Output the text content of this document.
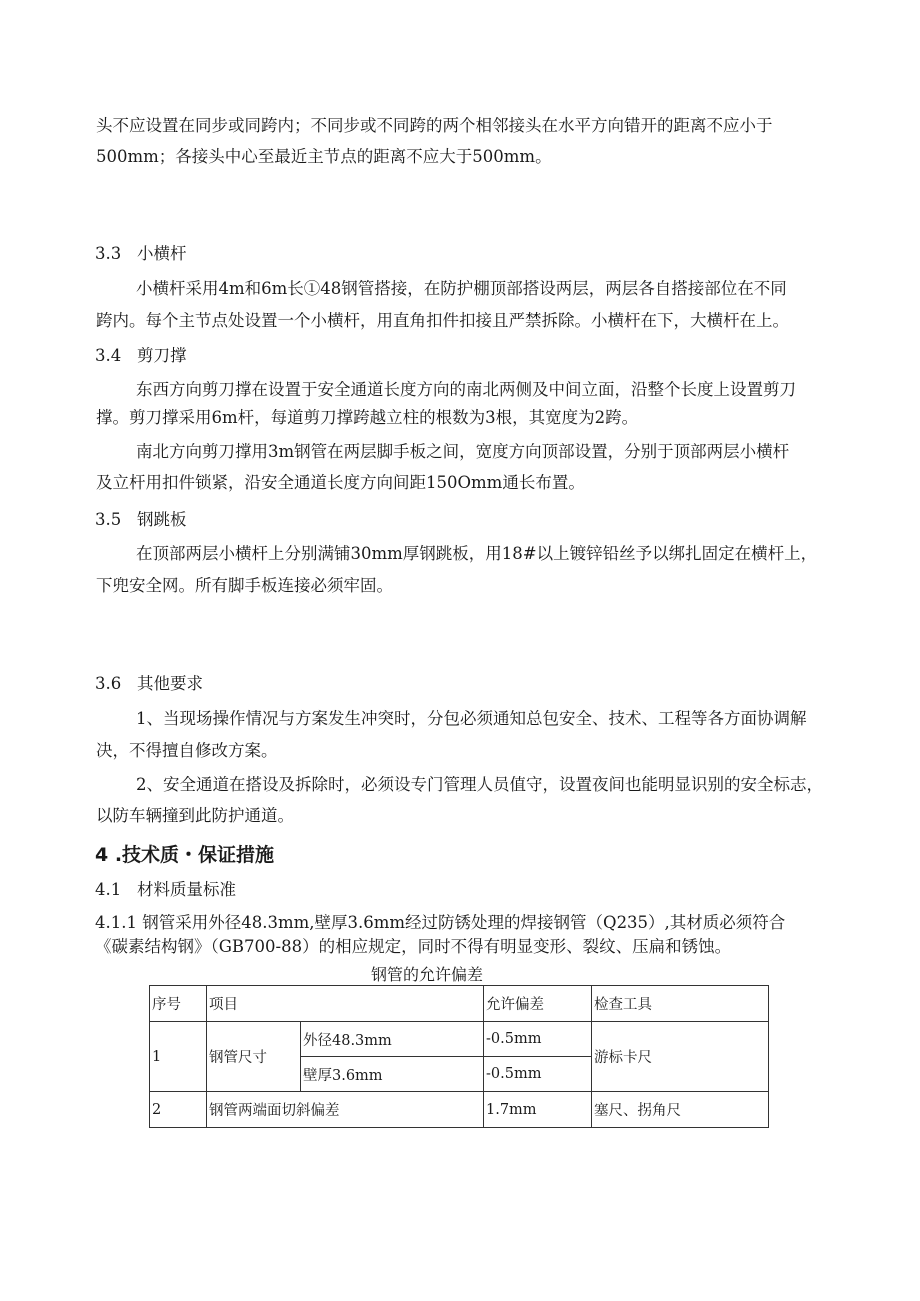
头不应设置在同步或同跨内；不同步或不同跨的两个相邻接头在水平方向错开的距离不应小于
500mm；各接头中心至最近主节点的距离不应大于500mm。
3.3 小横杆
小横杆采用4m和6m长①48钢管搭接，在防护棚顶部搭设两层，两层各自搭接部位在不同
跨内。每个主节点处设置一个小横杆，用直角扣件扣接且严禁拆除。小横杆在下，大横杆在上。
3.4 剪刀撑
东西方向剪刀撑在设置于安全通道长度方向的南北两侧及中间立面，沿整个长度上设置剪刀
撑。剪刀撑采用6m杆，每道剪刀撑跨越立柱的根数为3根，其宽度为2跨。
南北方向剪刀撑用3m钢管在两层脚手板之间，宽度方向顶部设置，分别于顶部两层小横杆
及立杆用扣件锁紧，沿安全通道长度方向间距150Omm通长布置。
3.5 钢跳板
在顶部两层小横杆上分别满铺30mm厚钢跳板，用18#以上镀锌铅丝予以绑扎固定在横杆上，
下兜安全网。所有脚手板连接必须牢固。
3.6 其他要求
1、当现场操作情况与方案发生冲突时，分包必须通知总包安全、技术、工程等各方面协调解
决，不得擅自修改方案。
2、安全通道在搭设及拆除时，必须设专门管理人员值守，设置夜间也能明显识别的安全标志，
以防车辆撞到此防护通道。
4 .技术质・保证措施
4.1 材料质量标准
4.1.1 钢管采用外径48.3mm,壁厚3.6mm经过防锈处理的焊接钢管（Q235）,其材质必须符合
《碳素结构钢》（GB700-88）的相应规定，同时不得有明显变形、裂纹、压扁和锈蚀。
钢管的允许偏差
序号	项目		允许偏差	检查工具
1	钢管尺寸	外径48.3mm	-0.5mm	游标卡尺
		壁厚3.6mm	-0.5mm	
2	钢管两端面切斜偏差		1.7mm	塞尺、拐角尺
